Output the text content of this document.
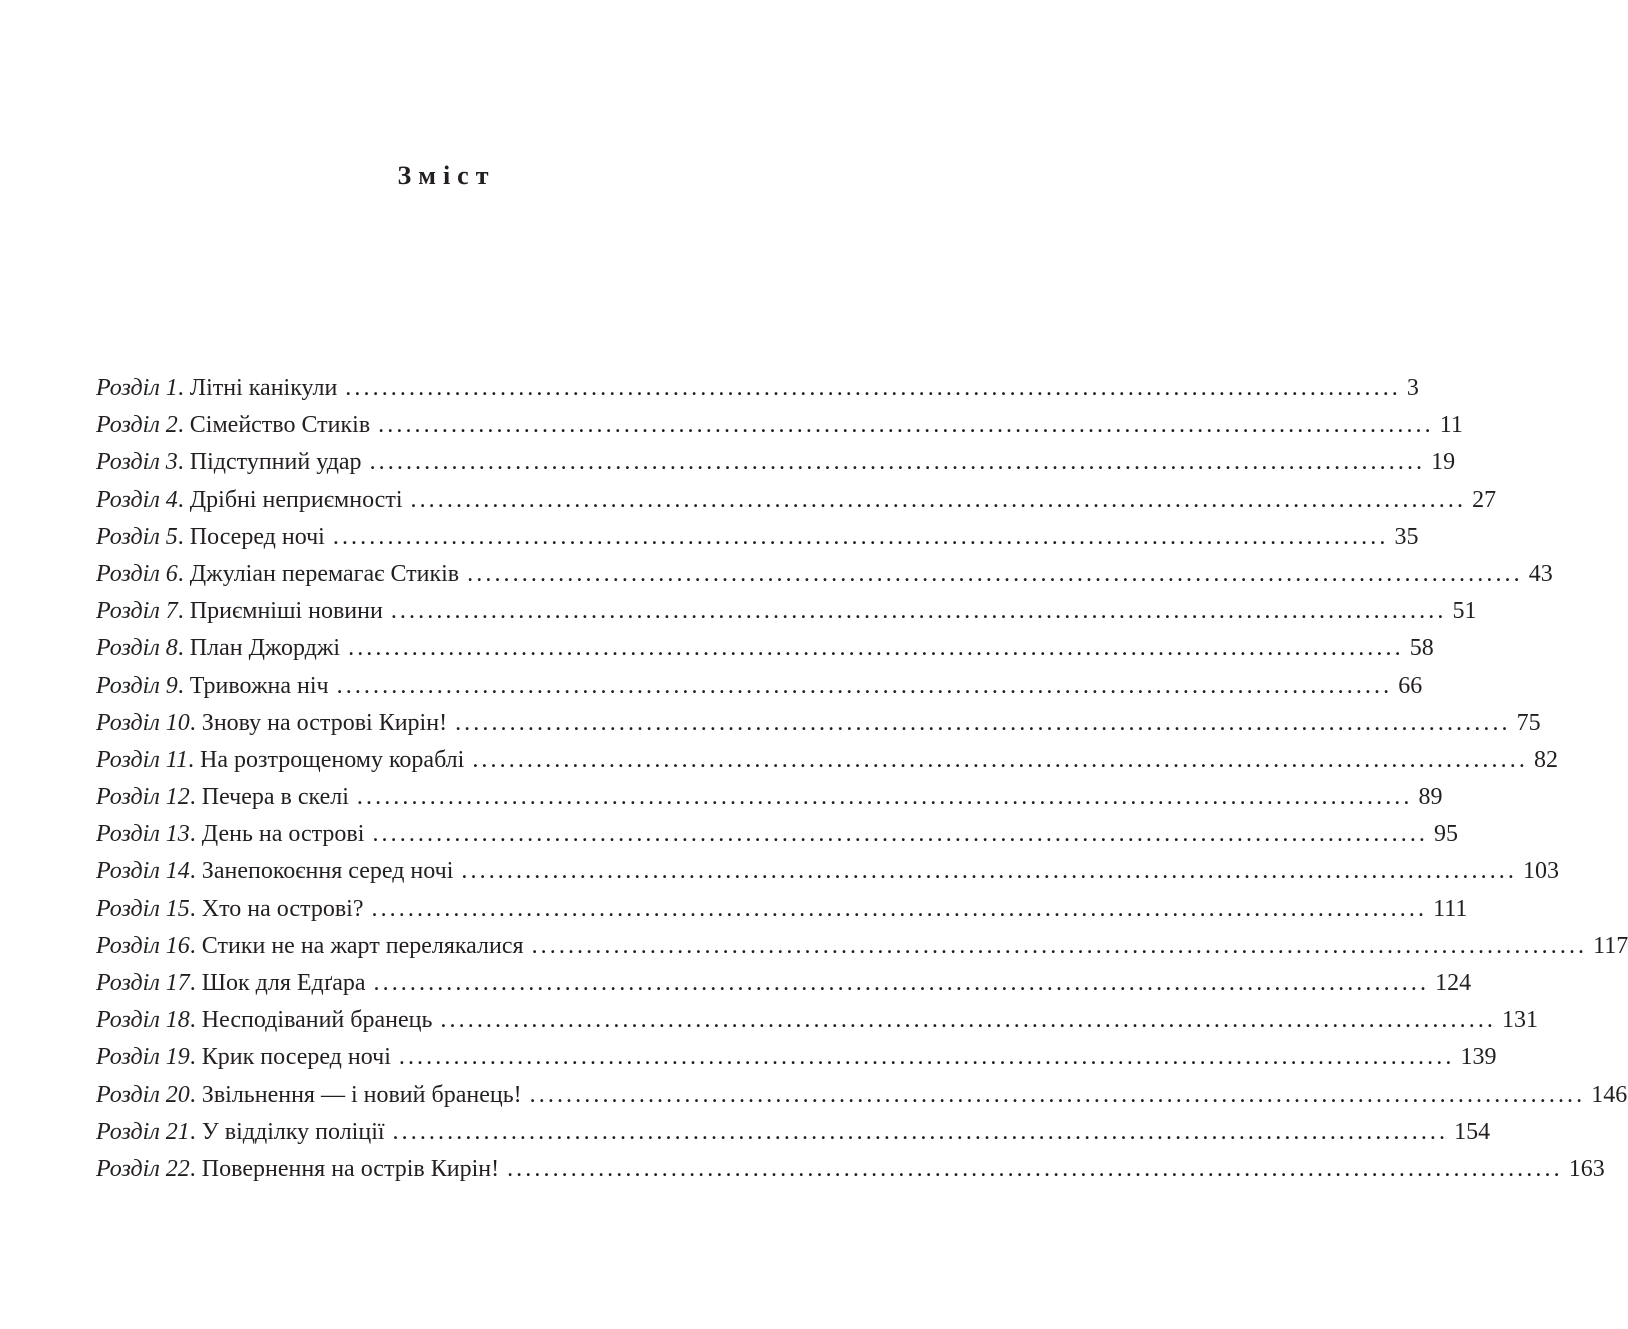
Зміст
Розділ 1 . Літні канікули .................................................................................................................... 3
Розділ 2 . Сімейство Стиків .................................................................................................................... 11
Розділ 3 . Підступний удар .................................................................................................................... 19
Розділ 4 . Дрібні неприємності .................................................................................................................... 27
Розділ 5 . Посеред ночі .................................................................................................................... 35
Розділ 6 . Джуліан перемагає Стиків .................................................................................................................... 43
Розділ 7 . Приємніші новини .................................................................................................................... 51
Розділ 8 . План Джорджі .................................................................................................................... 58
Розділ 9 . Тривожна ніч .................................................................................................................... 66
Розділ 10 . Знову на острові Кирін! .................................................................................................................... 75
Розділ 11 . На розтрощеному кораблі .................................................................................................................... 82
Розділ 12 . Печера в скелі .................................................................................................................... 89
Розділ 13 . День на острові .................................................................................................................... 95
Розділ 14 . Занепокоєння серед ночі .................................................................................................................... 103
Розділ 15 . Хто на острові? .................................................................................................................... 111
Розділ 16 . Стики не на жарт перелякалися .................................................................................................................... 117
Розділ 17 . Шок для Едґара .................................................................................................................... 124
Розділ 18 . Несподіваний бранець .................................................................................................................... 131
Розділ 19 . Крик посеред ночі .................................................................................................................... 139
Розділ 20 . Звільнення — і новий бранець! .................................................................................................................... 146
Розділ 21 . У відділку поліції .................................................................................................................... 154
Розділ 22 . Повернення на острів Кирін! .................................................................................................................... 163
